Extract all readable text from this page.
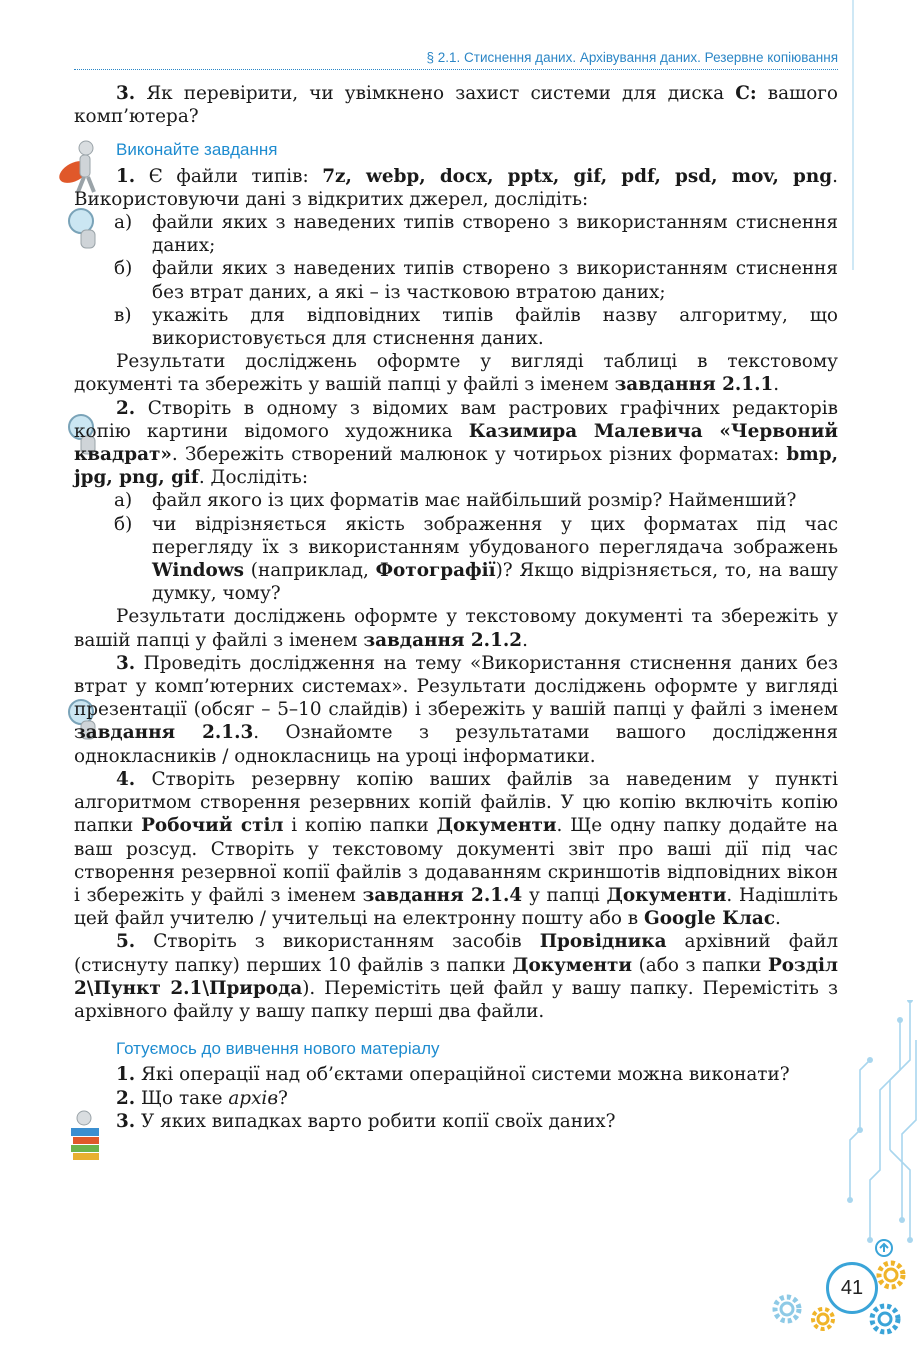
§ 2.1. Стиснення даних. Архівування даних. Резервне копіювання

3. Як перевірити, чи увімкнено захист системи для диска C: вашого комп’ютера?

Виконайте завдання

1. Є файли типів: 7z, webp, docx, pptx, gif, pdf, psd, mov, png. Використовуючи дані з відкритих джерел, дослідіть:

а)	файли яких з наведених типів створено з використанням стиснення даних;
б)	файли яких з наведених типів створено з використанням стиснення без втрат даних, а які – із частковою втратою даних;
в)	укажіть для відповідних типів файлів назву алгоритму, що використовується для стиснення даних.

Результати досліджень оформте у вигляді таблиці в текстовому документі та збережіть у вашій папці у файлі з іменем завдання 2.1.1.

2. Створіть в одному з відомих вам растрових графічних редакторів копію картини відомого художника Казимира Малевича «Червоний квадрат». Збережіть створений малюнок у чотирьох різних форматах: bmp, jpg, png, gif. Дослідіть:

а)	файл якого із цих форматів має найбільший розмір? Найменший?
б)	чи відрізняється якість зображення у цих форматах під час перегляду їх з використанням убудованого переглядача зображень Windows (наприклад, Фотографії)? Якщо відрізняється, то, на вашу думку, чому?

Результати досліджень оформте у текстовому документі та збережіть у вашій папці у файлі з іменем завдання 2.1.2.

3. Проведіть дослідження на тему «Використання стиснення даних без втрат у комп’ютерних системах». Результати досліджень оформте у вигляді презентації (обсяг – 5–10 слайдів) і збережіть у вашій папці у файлі з іменем завдання 2.1.3. Ознайомте з результатами вашого дослідження однокласників / однокласниць на уроці інформатики.

4. Створіть резервну копію ваших файлів за наведеним у пункті алгоритмом створення резервних копій файлів. У цю копію включіть копію папки Робочий стіл і копію папки Документи. Ще одну папку додайте на ваш розсуд. Створіть у текстовому документі звіт про ваші дії під час створення резервної копії файлів з додаванням скриншотів відповідних вікон і збережіть у файлі з іменем завдання 2.1.4 у папці Документи. Надішліть цей файл учителю / учительці на електронну пошту або в Google Клас.

5. Створіть з використанням засобів Провідника архівний файл (стиснуту папку) перших 10 файлів з папки Документи (або з папки Розділ 2\Пункт 2.1\Природа). Перемістіть цей файл у вашу папку. Перемістіть з архівного файлу у вашу папку перші два файли.

Готуємось до вивчення нового матеріалу

1. Які операції над об’єктами операційної системи можна виконати?

2. Що таке архів?

3. У яких випадках варто робити копії своїх даних?

41
